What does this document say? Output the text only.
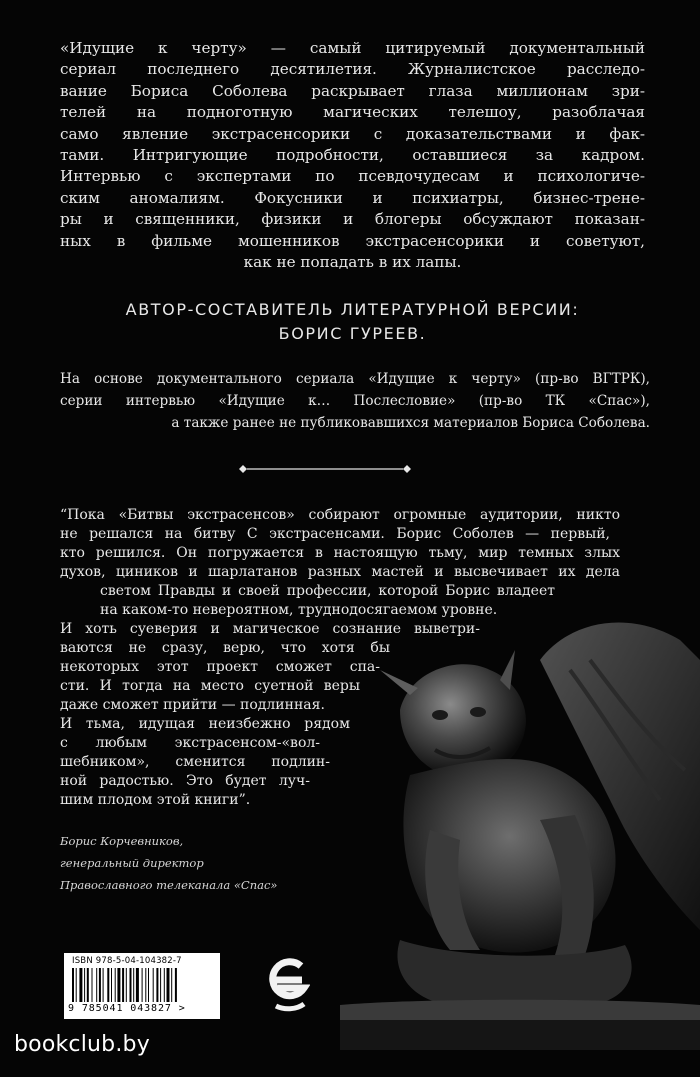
«Идущие к черту» — самый цитируемый документальный
сериал последнего десятилетия. Журналистское расследо-
вание Бориса Соболева раскрывает глаза миллионам зри-
телей на подноготную магических телешоу, разоблачая
само явление экстрасенсорики с доказательствами и фак-
тами. Интригующие подробности, оставшиеся за кадром.
Интервью с экспертами по псевдочудесам и психологиче-
ским аномалиям. Фокусники и психиатры, бизнес-трене-
ры и священники, физики и блогеры обсуждают показан-
ных в фильме мошенников экстрасенсорики и советуют,
как не попадать в их лапы.
АВТОР-СОСТАВИТЕЛЬ ЛИТЕРАТУРНОЙ ВЕРСИИ:
БОРИС ГУРЕЕВ.
На основе документального сериала «Идущие к черту» (пр-во ВГТРК),
серии интервью «Идущие к… Послесловие» (пр-во ТК «Спас»),
а также ранее не публиковавшихся материалов Бориса Соболева.
“Пока «Битвы экстрасенсов» собирают огромные аудитории, никто
не решался на битву С экстрасенсами. Борис Соболев — первый,
кто решился. Он погружается в настоящую тьму, мир темных злых
духов, циников и шарлатанов разных мастей и высвечивает их дела
светом Правды и своей профессии, которой Борис владеет
на каком-то невероятном, труднодосягаемом уровне.
И хоть суеверия и магическое сознание выветри-
ваются не сразу, верю, что хотя бы
некоторых этот проект сможет спа-
сти. И тогда на место суетной веры
даже сможет прийти — подлинная.
И тьма, идущая неизбежно рядом
с любым экстрасенсом-«вол-
шебником», сменится подлин-
ной радостью. Это будет луч-
шим плодом этой книги”.
Борис Корчевников,
генеральный директор
Православного телеканала «Спас»
ISBN 978-5-04-104382-7
9 785041 043827 >
bookclub.by
